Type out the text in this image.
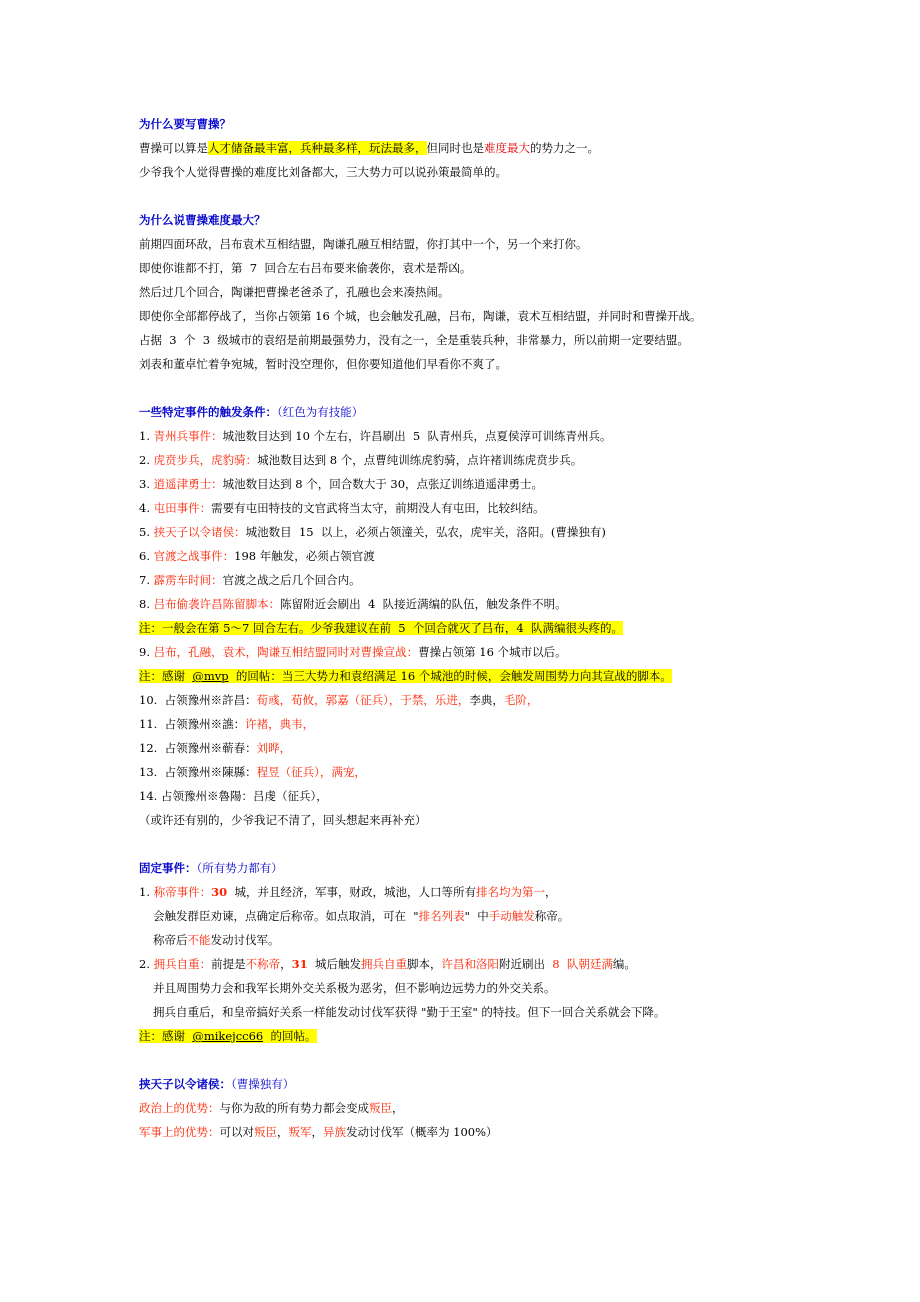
为什么要写曹操？
曹操可以算是人才储备最丰富，兵种最多样，玩法最多，但同时也是难度最大的势力之一。
少爷我个人觉得曹操的难度比刘备都大，三大势力可以说孙策最简单的。
为什么说曹操难度最大？
前期四面环敌，吕布袁术互相结盟，陶谦孔融互相结盟，你打其中一个，另一个来打你。
即使你谁都不打，第  7  回合左右吕布要来偷袭你，袁术是帮凶。
然后过几个回合，陶谦把曹操老爸杀了，孔融也会来凑热闹。
即使你全部都停战了，当你占领第 16 个城，也会触发孔融，吕布，陶谦，袁术互相结盟，并同时和曹操开战。
占据  3  个  3  级城市的袁绍是前期最强势力，没有之一，全是重装兵种，非常暴力，所以前期一定要结盟。
刘表和董卓忙着争宛城，暂时没空理你，但你要知道他们早看你不爽了。
一些特定事件的触发条件：（红色为有技能）
1. 青州兵事件：城池数目达到 10 个左右，许昌刷出  5  队青州兵，点夏侯淳可训练青州兵。
2. 虎贲步兵，虎豹骑：城池数目达到 8 个，点曹纯训练虎豹骑，点许褚训练虎贲步兵。
3. 逍遥津勇士：城池数目达到 8 个，回合数大于 30，点张辽训练逍遥津勇士。
4. 屯田事件：需要有屯田特技的文官武将当太守，前期没人有屯田，比较纠结。
5. 挟天子以令诸侯：城池数目  15  以上，必须占领潼关，弘农，虎牢关，洛阳。(曹操独有)
6. 官渡之战事件：198 年触发，必须占领官渡
7. 霹雳车时间：官渡之战之后几个回合内。
8. 吕布偷袭许昌陈留脚本：陈留附近会刷出  4  队接近满编的队伍，触发条件不明。
注：一般会在第 5～7 回合左右。少爷我建议在前  5  个回合就灭了吕布，4  队满编很头疼的。
9. 吕布，孔融，袁术，陶谦互相结盟同时对曹操宣战：曹操占领第 16 个城市以后。
注：感谢  @mvp  的回帖：当三大势力和袁绍满足 16 个城池的时候，会触发周围势力向其宣战的脚本。
10.  占领豫州※許昌：荀彧，荀攸，郭嘉（征兵），于禁，乐进，李典，毛阶，
11.  占领豫州※譙：许褚，典韦，
12.  占领豫州※蕲春：刘晔，
13.  占领豫州※陳縣：程昱（征兵），满宠，
14. 占领豫州※魯陽：吕虔（征兵），
（或许还有别的，少爷我记不清了，回头想起来再补充）
固定事件：（所有势力都有）
1. 称帝事件：30  城，并且经济，军事，财政，城池，人口等所有排名均为第一，
会触发群臣劝谏，点确定后称帝。如点取消，可在  "排名列表"  中手动触发称帝。
称帝后不能发动讨伐军。
2. 拥兵自重：前提是不称帝，31  城后触发拥兵自重脚本，许昌和洛阳附近刷出  8  队朝廷满编。
并且周围势力会和我军长期外交关系极为恶劣，但不影响边远势力的外交关系。
拥兵自重后，和皇帝搞好关系一样能发动讨伐军获得 "勤于王室" 的特技。但下一回合关系就会下降。
注：感谢  @mikejcc66  的回帖。
挟天子以令诸侯：（曹操独有）
政治上的优势：与你为敌的所有势力都会变成叛臣，
军事上的优势：可以对叛臣，叛军，异族发动讨伐军（概率为 100%）
